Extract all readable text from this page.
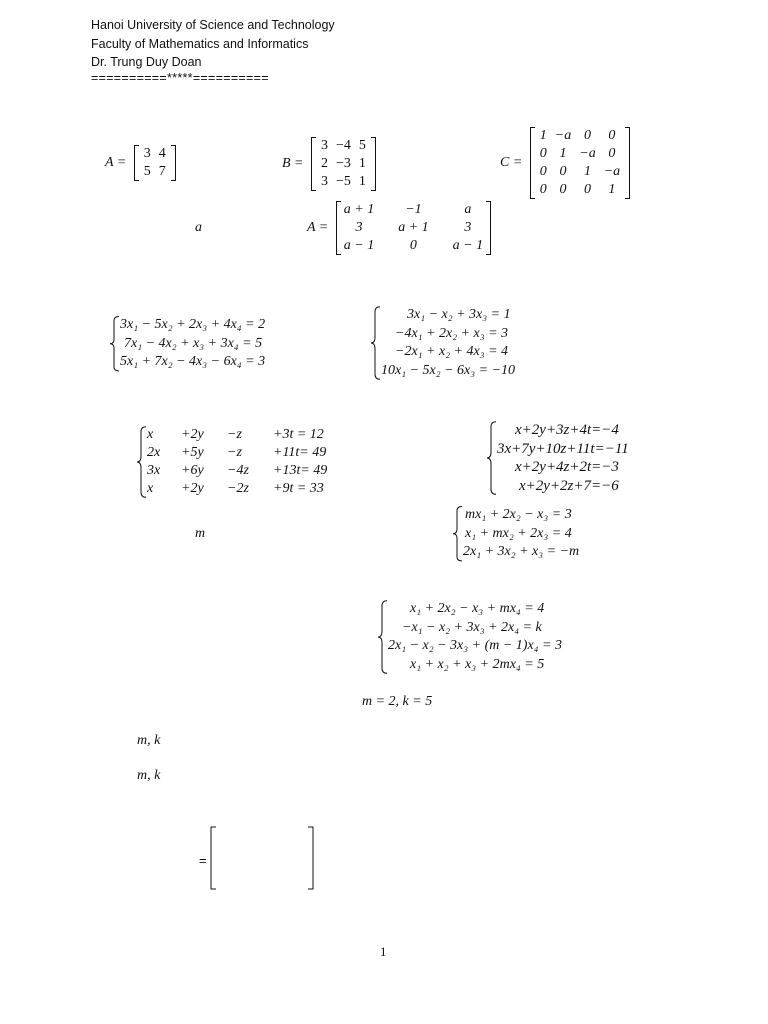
Hanoi University of Science and Technology
Faculty of Mathematics and Informatics
Dr. Trung Duy Doan
==========*****==========
A =
3	4
5	7
B =
3	−4	5
2	−3	1
3	−5	1
C =
1	−a	0	0
0	1	−a	0
0	0	1	−a
0	0	0	1
a	A =
a + 1	−1	a
3	a + 1	3
a − 1	0	a − 1
3x₁ − 5x₂ + 2x₃ + 4x₄ = 2
7x₁ − 4x₂ + x₃ + 3x₄ = 5
5x₁ + 7x₂ − 4x₃ − 6x₄ = 3
3x₁ − x₂ + 3x₃ = 1
−4x₁ + 2x₂ + x₃ = 3
−2x₁ + x₂ + 4x₃ = 4
10x₁ − 5x₂ − 6x₃ = −10
x	+2y	−z	+3t = 12
2x	+5y	−z	+11t= 49
3x	+6y	−4z	+13t= 49
x	+2y	−2z	+9t = 33
x+2y+3z+4t=−4
3x+7y+10z+11t=−11
x+2y+4z+2t=−3
x+2y+2z+7=−6
m
mx₁ + 2x₂ − x₃ = 3
x₁ + mx₂ + 2x₃ = 4
2x₁ + 3x₂ + x₃ = −m
x₁ + 2x₂ − x₃ + mx₄ = 4
−x₁ − x₂ + 3x₃ + 2x₄ = k
2x₁ − x₂ − 3x₃ + (m − 1)x₄ = 3
x₁ + x₂ + x₃ + 2mx₄ = 5
m = 2, k = 5
m, k
m, k
=
1
